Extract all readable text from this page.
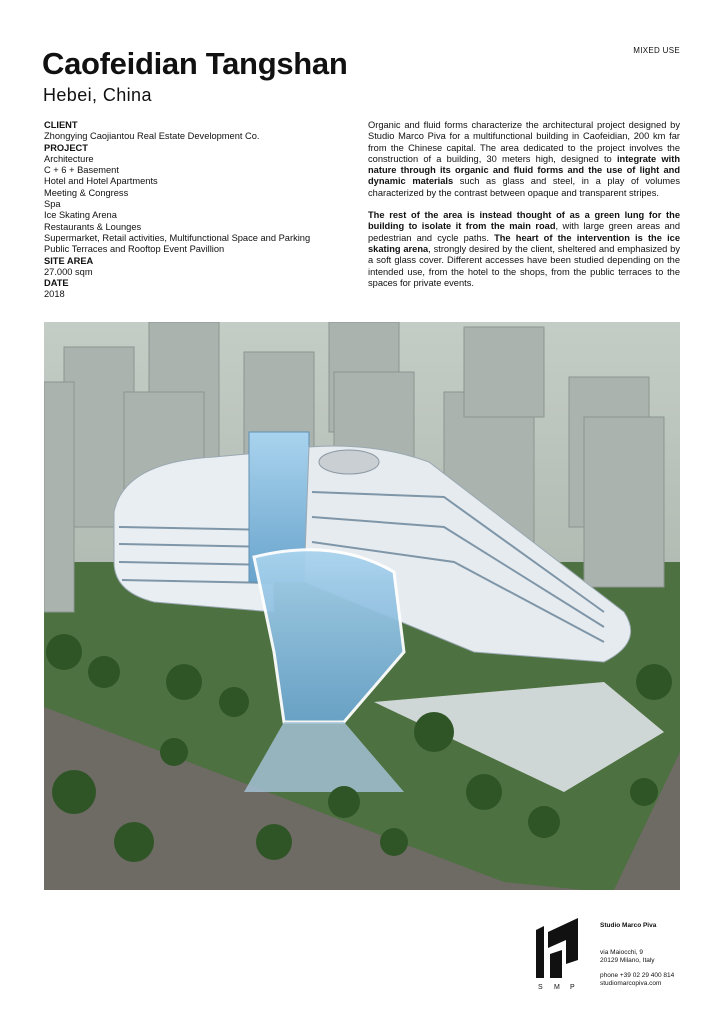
MIXED USE
Caofeidian Tangshan
Hebei, China
CLIENT
Zhongying Caojiantou Real Estate Development Co.
PROJECT
Architecture
C + 6 + Basement
Hotel and Hotel Apartments
Meeting & Congress
Spa
Ice Skating Arena
Restaurants & Lounges
Supermarket, Retail activities, Multifunctional Space and Parking
Public Terraces and Rooftop Event Pavillion
SITE AREA
27.000 sqm
DATE
2018

Organic and fluid forms characterize the architectural project designed by Studio Marco Piva for a multifunctional building in Caofeidian, 200 km far from the Chinese capital. The area dedicated to the project involves the construction of a building, 30 meters high, designed to integrate with nature through its organic and fluid forms and the use of light and dynamic materials such as glass and steel, in a play of volumes characterized by the contrast between opaque and transparent stripes.

The rest of the area is instead thought of as a green lung for the building to isolate it from the main road, with large green areas and pedestrian and cycle paths. The heart of the intervention is the ice skating arena, strongly desired by the client, sheltered and emphasized by a soft glass cover. Different accesses have been studied depending on the intended use, from the hotel to the shops, from the public terraces to the spaces for private events.

S M P
Studio Marco Piva
via Maiocchi, 9
20129 Milano, Italy
phone +39 02 29 400 814
studiomarcopiva.com
